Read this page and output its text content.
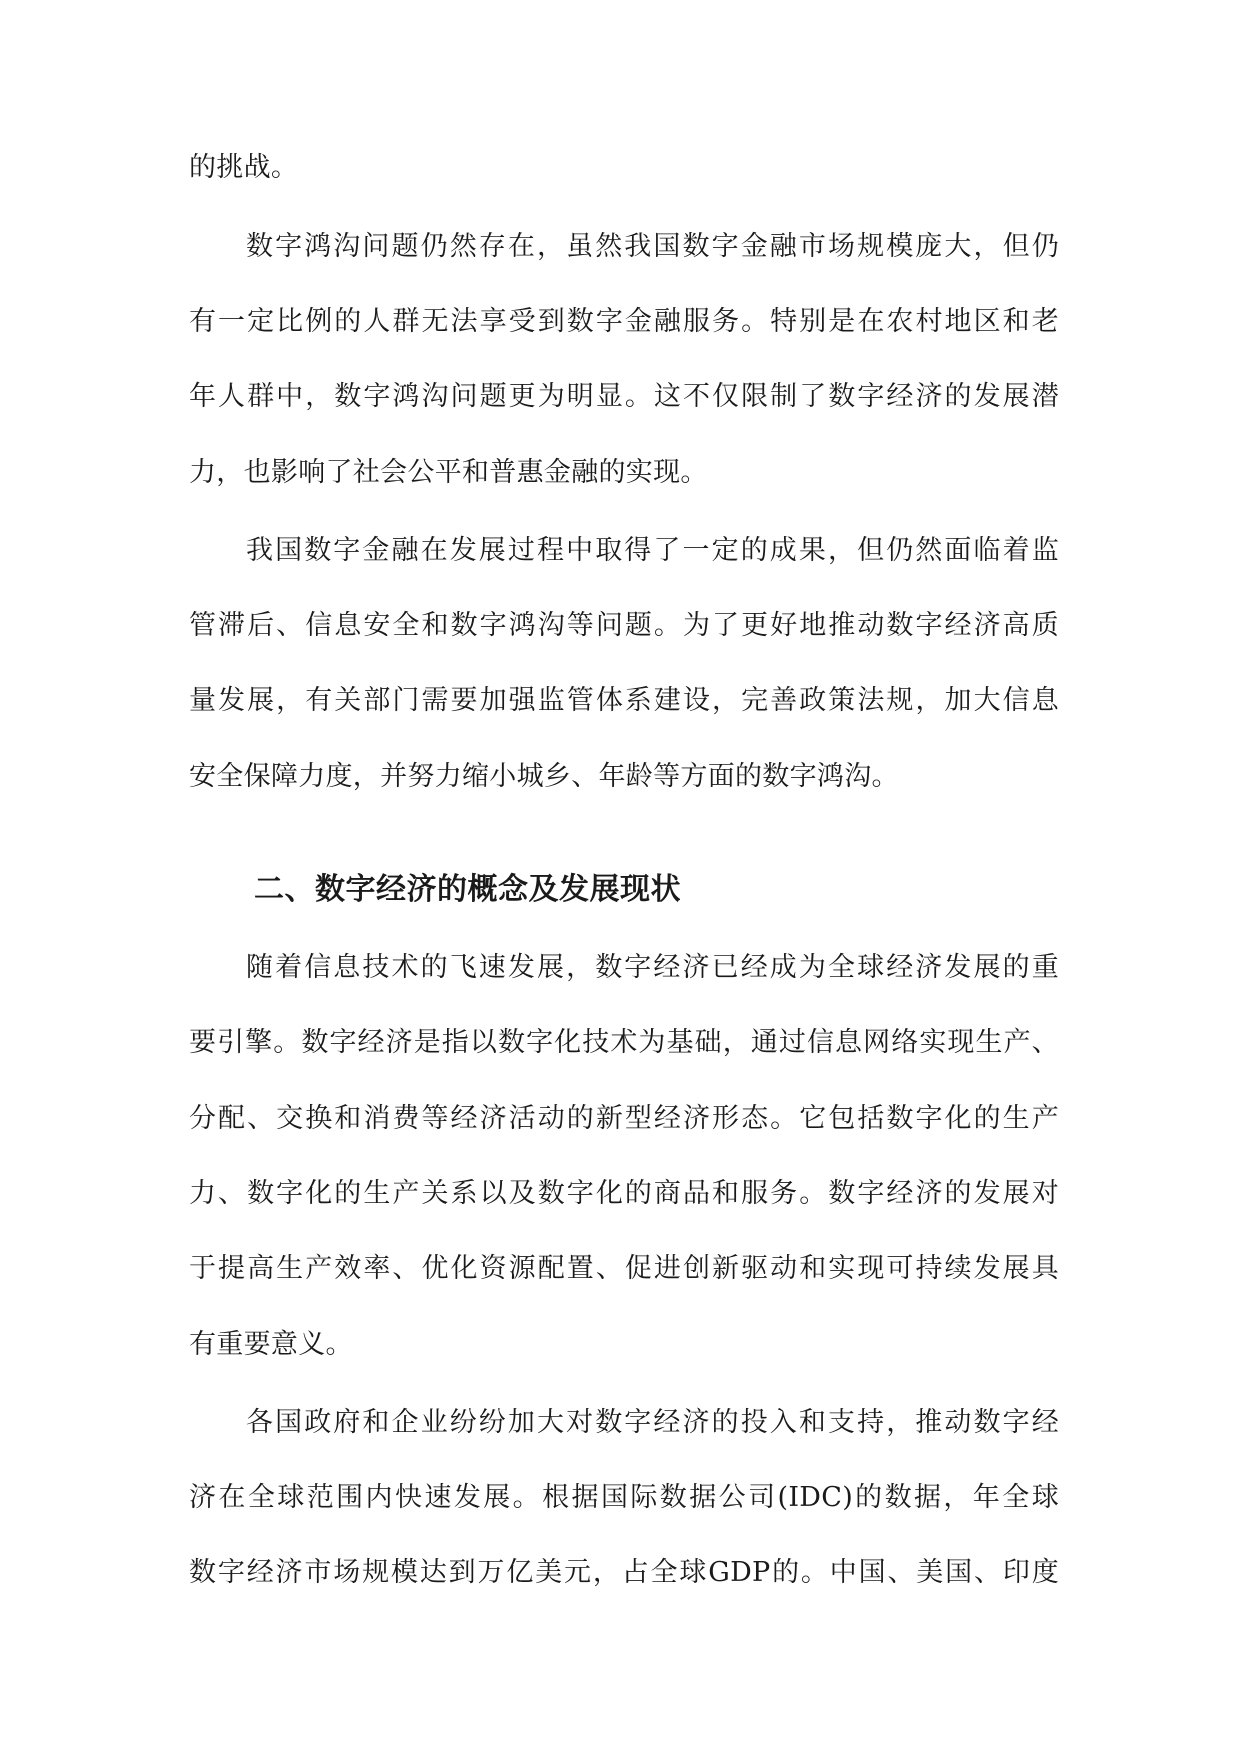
的挑战。
数字鸿沟问题仍然存在，虽然我国数字金融市场规模庞大，但仍
有一定比例的人群无法享受到数字金融服务。特别是在农村地区和老
年人群中，数字鸿沟问题更为明显。这不仅限制了数字经济的发展潜
力，也影响了社会公平和普惠金融的实现。
我国数字金融在发展过程中取得了一定的成果，但仍然面临着监
管滞后、信息安全和数字鸿沟等问题。为了更好地推动数字经济高质
量发展，有关部门需要加强监管体系建设，完善政策法规，加大信息
安全保障力度，并努力缩小城乡、年龄等方面的数字鸿沟。
二、数字经济的概念及发展现状
随着信息技术的飞速发展，数字经济已经成为全球经济发展的重
要引擎。数字经济是指以数字化技术为基础，通过信息网络实现生产、
分配、交换和消费等经济活动的新型经济形态。它包括数字化的生产
力、数字化的生产关系以及数字化的商品和服务。数字经济的发展对
于提高生产效率、优化资源配置、促进创新驱动和实现可持续发展具
有重要意义。
各国政府和企业纷纷加大对数字经济的投入和支持，推动数字经
济在全球范围内快速发展。根据国际数据公司(IDC)的数据，年全球
数字经济市场规模达到万亿美元，占全球GDP的。中国、美国、印度
